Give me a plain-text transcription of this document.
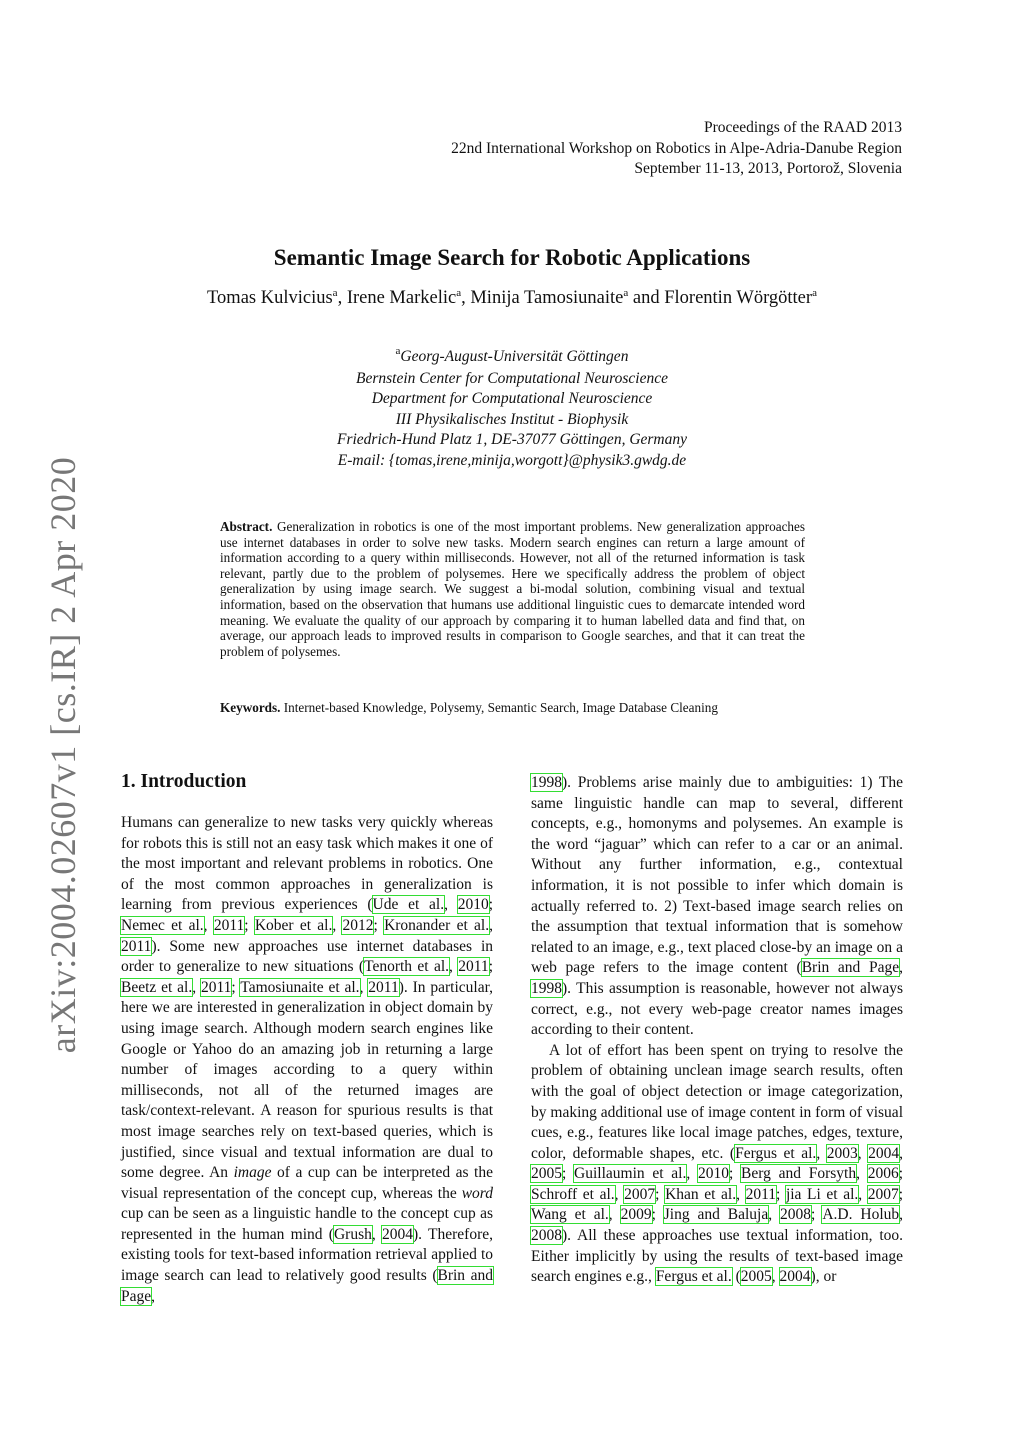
Proceedings of the RAAD 2013
22nd International Workshop on Robotics in Alpe-Adria-Danube Region
September 11-13, 2013, Portorož, Slovenia
arXiv:2004.02607v1 [cs.IR] 2 Apr 2020
Semantic Image Search for Robotic Applications
Tomas Kulvicius$^a$, Irene Markelic$^a$, Minija Tamosiunaite$^a$ and Florentin Wörgötter$^a$
$^a$Georg-August-Universität Göttingen
Bernstein Center for Computational Neuroscience
Department for Computational Neuroscience
III Physikalisches Institut - Biophysik
Friedrich-Hund Platz 1, DE-37077 Göttingen, Germany
E-mail: {tomas,irene,minija,worgott}@physik3.gwdg.de
Abstract. Generalization in robotics is one of the most important problems. New generalization approaches use internet databases in order to solve new tasks. Modern search engines can return a large amount of information according to a query within milliseconds. However, not all of the returned information is task relevant, partly due to the problem of polysemes. Here we specifically address the problem of object generalization by using image search. We suggest a bi-modal solution, combining visual and textual information, based on the observation that humans use additional linguistic cues to demarcate intended word meaning. We evaluate the quality of our approach by comparing it to human labelled data and find that, on average, our approach leads to improved results in comparison to Google searches, and that it can treat the problem of polysemes.
Keywords. Internet-based Knowledge, Polysemy, Semantic Search, Image Database Cleaning
1. Introduction

Humans can generalize to new tasks very quickly whereas for robots this is still not an easy task which makes it one of the most important and relevant problems in robotics. One of the most common approaches in generalization is learning from previous experiences (Ude et al., 2010; Nemec et al., 2011; Kober et al., 2012; Kronander et al., 2011). Some new approaches use internet databases in order to generalize to new situations (Tenorth et al., 2011; Beetz et al., 2011; Tamosiunaite et al., 2011). In particular, here we are interested in generalization in object domain by using image search. Although modern search engines like Google or Yahoo do an amazing job in returning a large number of images according to a query within milliseconds, not all of the returned images are task/context-relevant. A reason for spurious results is that most image searches rely on text-based queries, which is justified, since visual and textual information are dual to some degree. An image of a cup can be interpreted as the visual representation of the concept cup, whereas the word cup can be seen as a linguistic handle to the concept cup as represented in the human mind (Grush, 2004). Therefore, existing tools for text-based information retrieval applied to image search can lead to relatively good results (Brin and Page,

1998). Problems arise mainly due to ambiguities: 1) The same linguistic handle can map to several, different concepts, e.g., homonyms and polysemes. An example is the word “jaguar” which can refer to a car or an animal. Without any further information, e.g., contextual information, it is not possible to infer which domain is actually referred to. 2) Text-based image search relies on the assumption that textual information that is somehow related to an image, e.g., text placed close-by an image on a web page refers to the image content (Brin and Page, 1998). This assumption is reasonable, however not always correct, e.g., not every web-page creator names images according to their content.

A lot of effort has been spent on trying to resolve the problem of obtaining unclean image search results, often with the goal of object detection or image categorization, by making additional use of image content in form of visual cues, e.g., features like local image patches, edges, texture, color, deformable shapes, etc. (Fergus et al., 2003, 2004, 2005; Guillaumin et al., 2010; Berg and Forsyth, 2006; Schroff et al., 2007; Khan et al., 2011; jia Li et al., 2007; Wang et al., 2009; Jing and Baluja, 2008; A.D. Holub, 2008). All these approaches use textual information, too. Either implicitly by using the results of text-based image search engines e.g., Fergus et al. (2005, 2004), or
